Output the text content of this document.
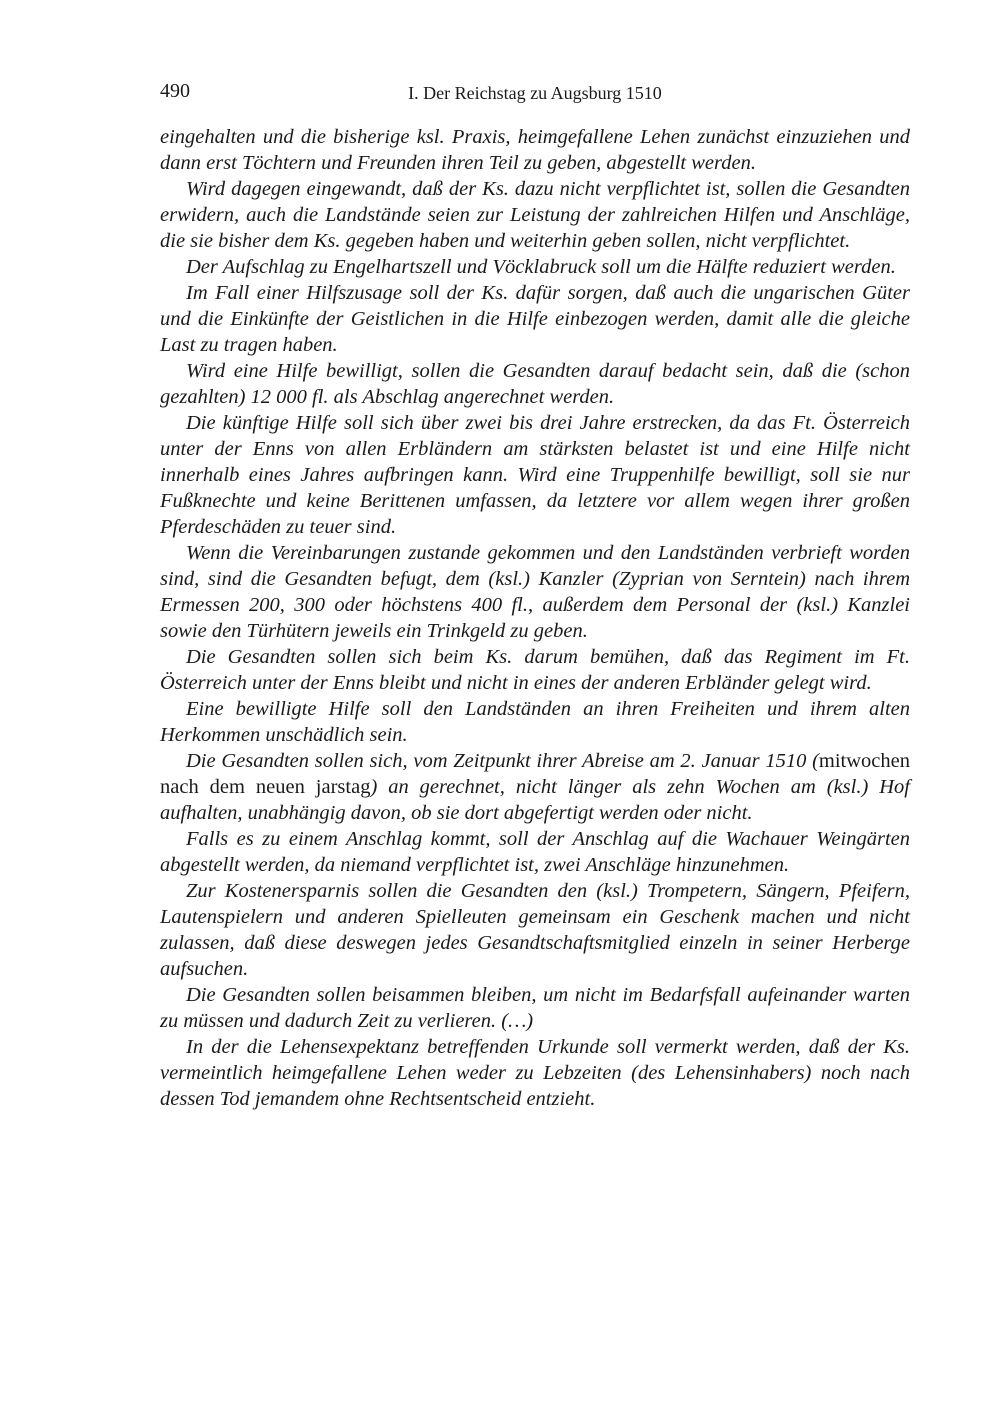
490	I. Der Reichstag zu Augsburg 1510

eingehalten und die bisherige ksl. Praxis, heimgefallene Lehen zunächst einzuziehen und dann erst Töchtern und Freunden ihren Teil zu geben, abgestellt werden.

Wird dagegen eingewandt, daß der Ks. dazu nicht verpflichtet ist, sollen die Gesandten erwidern, auch die Landstände seien zur Leistung der zahlreichen Hilfen und Anschläge, die sie bisher dem Ks. gegeben haben und weiterhin geben sollen, nicht verpflichtet.

Der Aufschlag zu Engelhartszell und Vöcklabruck soll um die Hälfte reduziert werden.

Im Fall einer Hilfszusage soll der Ks. dafür sorgen, daß auch die ungarischen Güter und die Einkünfte der Geistlichen in die Hilfe einbezogen werden, damit alle die gleiche Last zu tragen haben.

Wird eine Hilfe bewilligt, sollen die Gesandten darauf bedacht sein, daß die (schon gezahlten) 12 000 fl. als Abschlag angerechnet werden.

Die künftige Hilfe soll sich über zwei bis drei Jahre erstrecken, da das Ft. Österreich unter der Enns von allen Erbländern am stärksten belastet ist und eine Hilfe nicht innerhalb eines Jahres aufbringen kann. Wird eine Truppenhilfe bewilligt, soll sie nur Fußknechte und keine Berittenen umfassen, da letztere vor allem wegen ihrer großen Pferdeschäden zu teuer sind.

Wenn die Vereinbarungen zustande gekommen und den Landständen verbrieft worden sind, sind die Gesandten befugt, dem (ksl.) Kanzler (Zyprian von Serntein) nach ihrem Ermessen 200, 300 oder höchstens 400 fl., außerdem dem Personal der (ksl.) Kanzlei sowie den Türhütern jeweils ein Trinkgeld zu geben.

Die Gesandten sollen sich beim Ks. darum bemühen, daß das Regiment im Ft. Österreich unter der Enns bleibt und nicht in eines der anderen Erbländer gelegt wird.

Eine bewilligte Hilfe soll den Landständen an ihren Freiheiten und ihrem alten Herkommen unschädlich sein.

Die Gesandten sollen sich, vom Zeitpunkt ihrer Abreise am 2. Januar 1510 (mitwochen nach dem neuen jarstag) an gerechnet, nicht länger als zehn Wochen am (ksl.) Hof aufhalten, unabhängig davon, ob sie dort abgefertigt werden oder nicht.

Falls es zu einem Anschlag kommt, soll der Anschlag auf die Wachauer Weingärten abgestellt werden, da niemand verpflichtet ist, zwei Anschläge hinzunehmen.

Zur Kostenersparnis sollen die Gesandten den (ksl.) Trompetern, Sängern, Pfeifern, Lautenspielern und anderen Spielleuten gemeinsam ein Geschenk machen und nicht zulassen, daß diese deswegen jedes Gesandtschaftsmitglied einzeln in seiner Herberge aufsuchen.

Die Gesandten sollen beisammen bleiben, um nicht im Bedarfsfall aufeinander warten zu müssen und dadurch Zeit zu verlieren. (…)

In der die Lehensexpektanz betreffenden Urkunde soll vermerkt werden, daß der Ks. vermeintlich heimgefallene Lehen weder zu Lebzeiten (des Lehensinhabers) noch nach dessen Tod jemandem ohne Rechtsentscheid entzieht.
